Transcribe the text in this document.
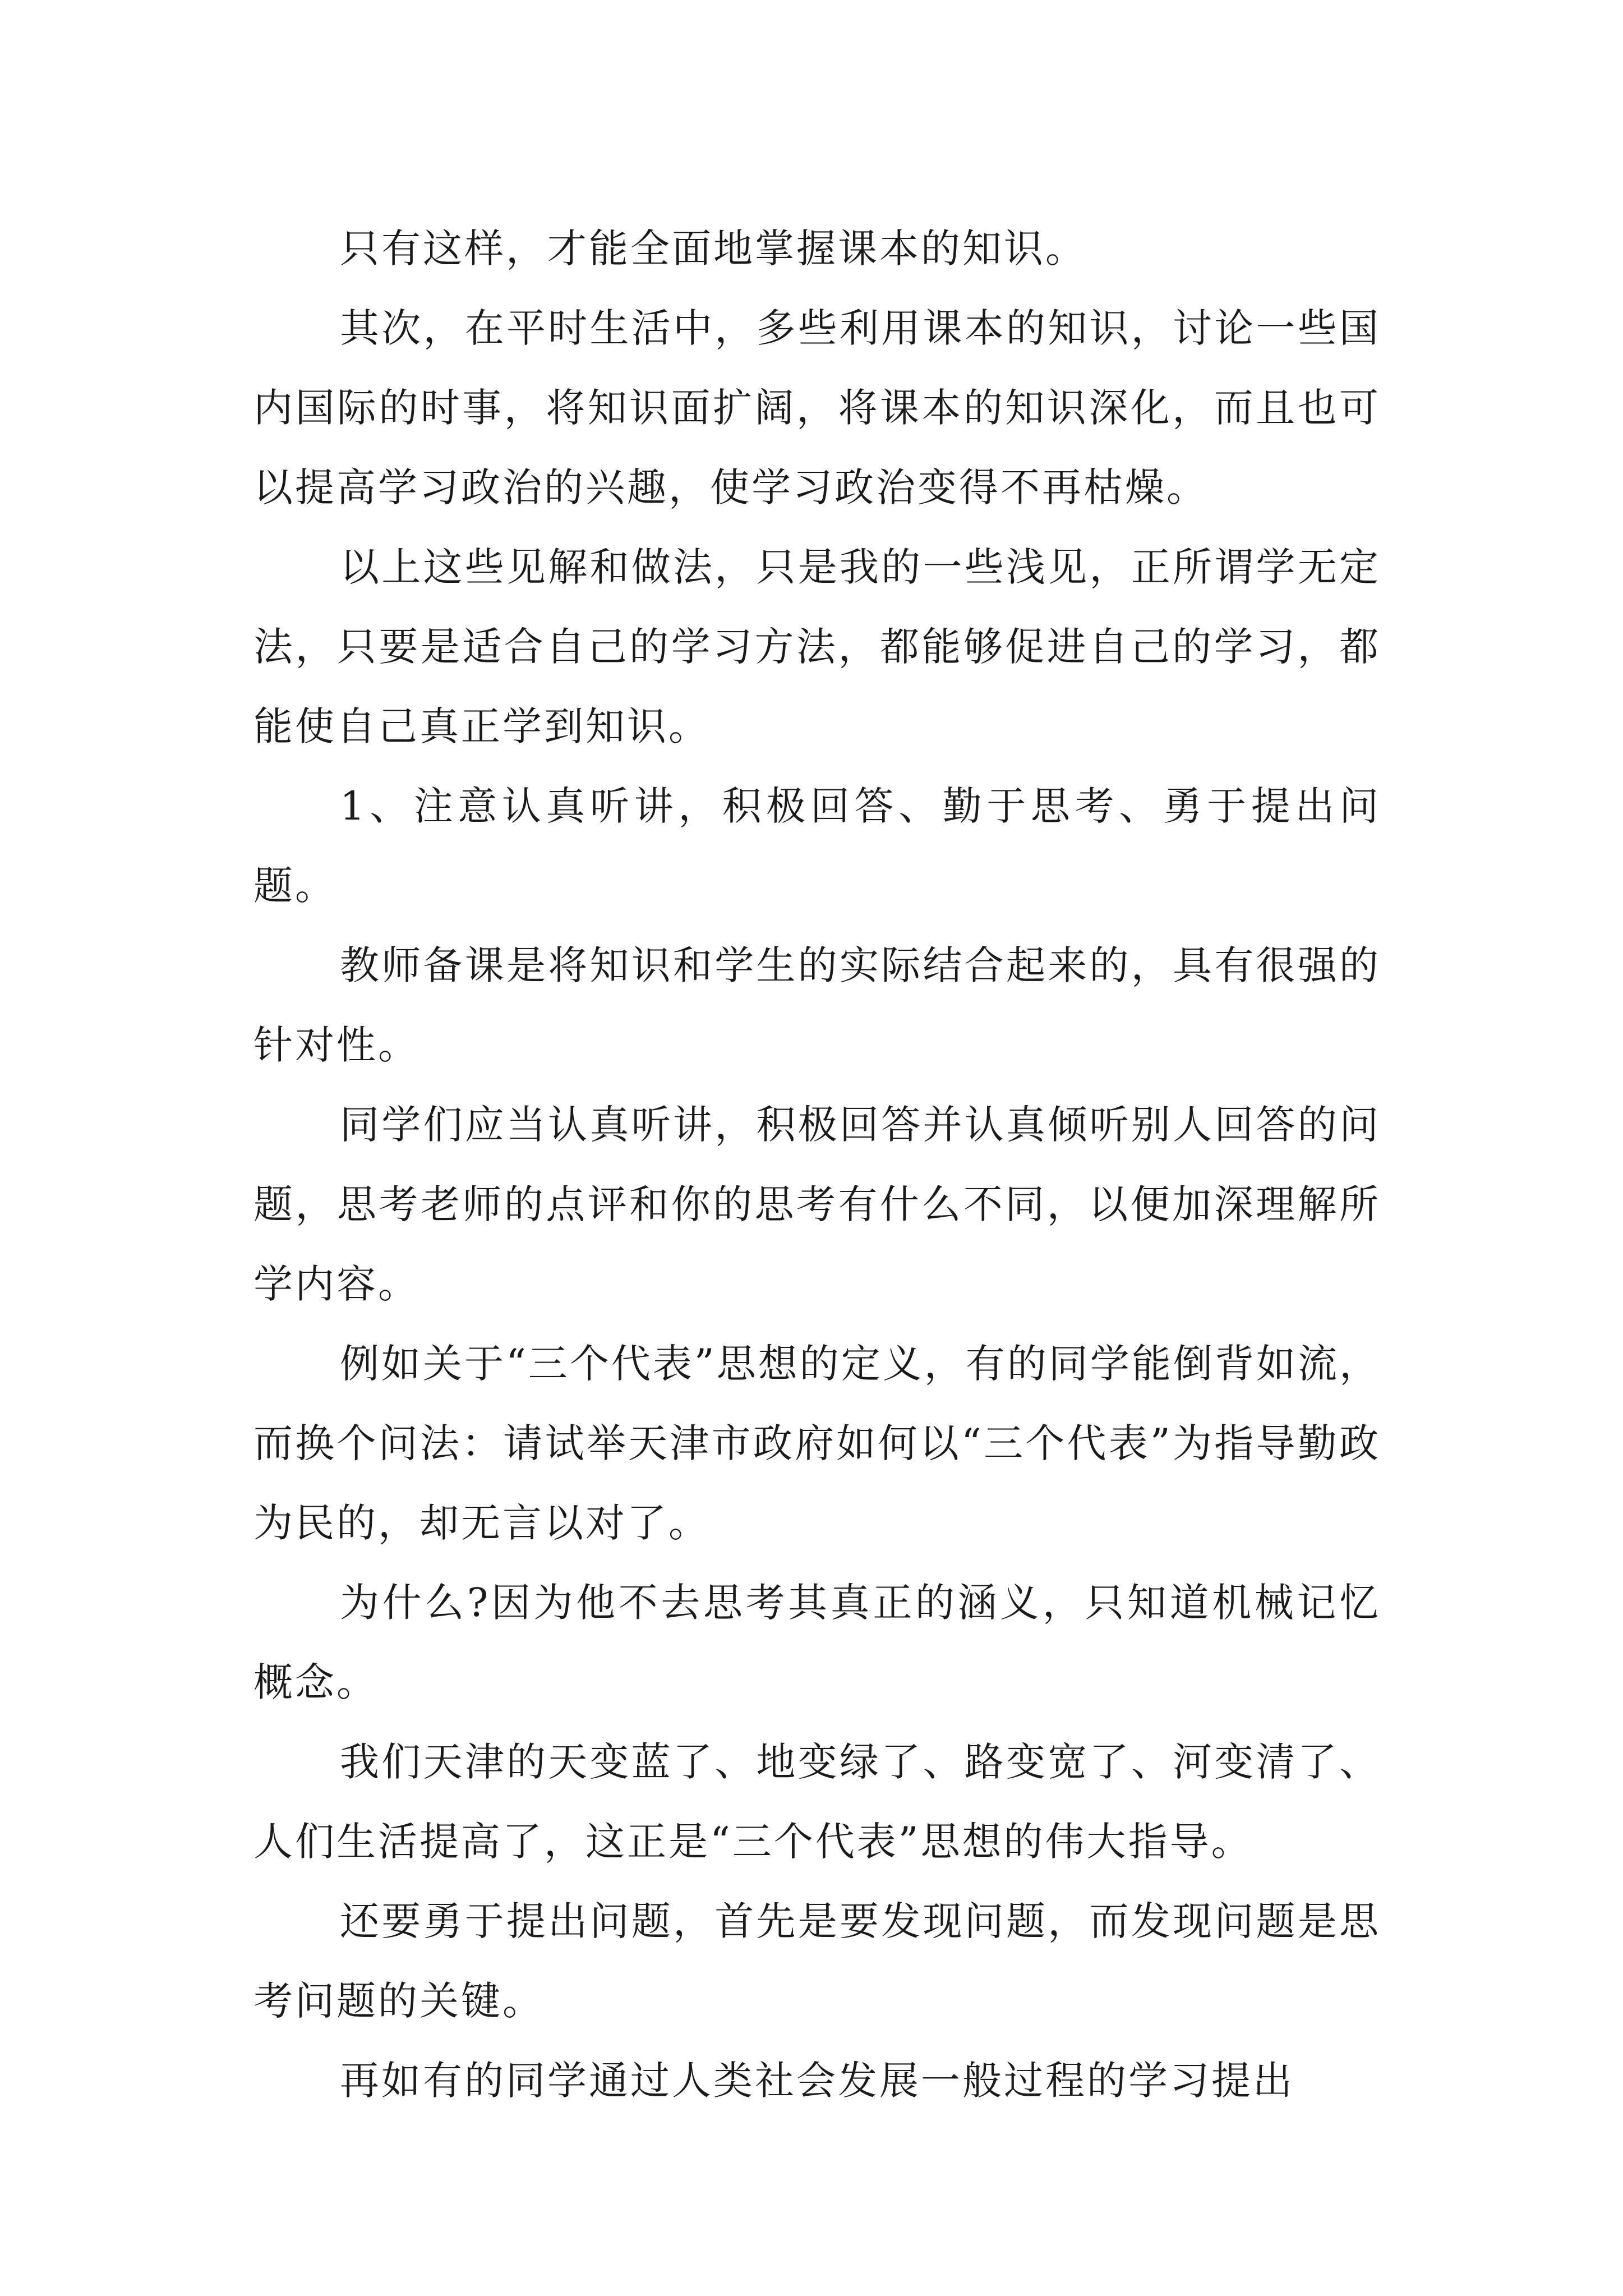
只有这样，才能全面地掌握课本的知识。

其次，在平时生活中，多些利用课本的知识，讨论一些国内国际的时事，将知识面扩阔，将课本的知识深化，而且也可以提高学习政治的兴趣，使学习政治变得不再枯燥。

以上这些见解和做法，只是我的一些浅见，正所谓学无定法，只要是适合自己的学习方法，都能够促进自己的学习，都能使自己真正学到知识。

1、注意认真听讲，积极回答、勤于思考、勇于提出问题。

教师备课是将知识和学生的实际结合起来的，具有很强的针对性。

同学们应当认真听讲，积极回答并认真倾听别人回答的问题，思考老师的点评和你的思考有什么不同，以便加深理解所学内容。

例如关于“三个代表”思想的定义，有的同学能倒背如流，而换个问法：请试举天津市政府如何以“三个代表”为指导勤政为民的，却无言以对了。

为什么?因为他不去思考其真正的涵义，只知道机械记忆概念。

我们天津的天变蓝了、地变绿了、路变宽了、河变清了、人们生活提高了，这正是“三个代表”思想的伟大指导。

还要勇于提出问题，首先是要发现问题，而发现问题是思考问题的关键。

再如有的同学通过人类社会发展一般过程的学习提出
